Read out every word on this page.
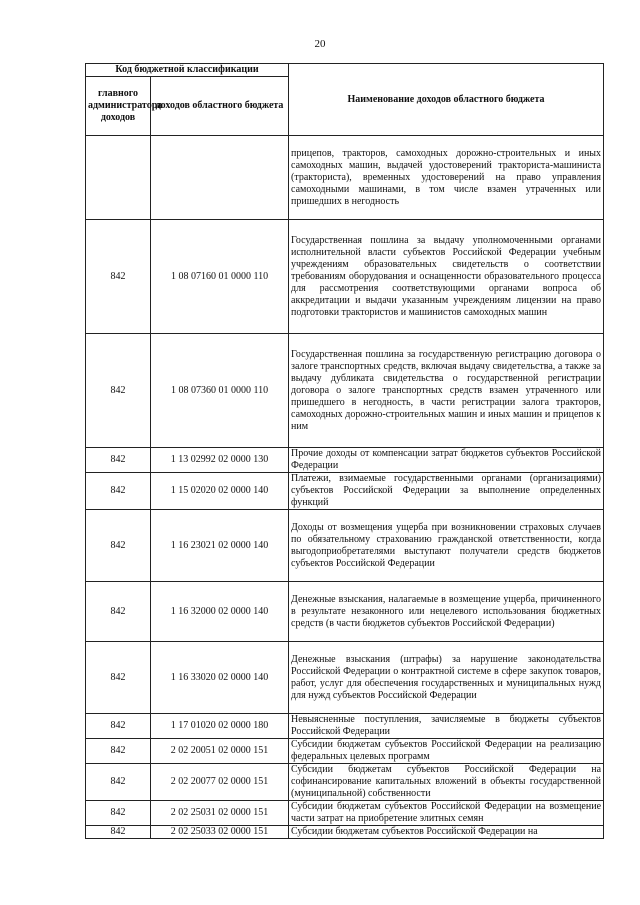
20
Код бюджетной классификации		Наименование доходов областного бюджета
главного администратора доходов	доходов областного бюджета	
		прицепов, тракторов, самоходных дорожно-строительных и иных самоходных машин, выдачей удостоверений тракториста-машиниста (тракториста), временных удостоверений на право управления самоходными машинами, в том числе взамен утраченных или пришедших в негодность
842	1 08 07160 01 0000 110	Государственная пошлина за выдачу уполномоченными органами исполнительной власти субъектов Российской Федерации учебным учреждениям образовательных свидетельств о соответствии требованиям оборудования и оснащенности образовательного процесса для рассмотрения соответствующими органами вопроса об аккредитации и выдачи указанным учреждениям лицензии на право подготовки трактористов и машинистов самоходных машин
842	1 08 07360 01 0000 110	Государственная пошлина за государственную регистрацию договора о залоге транспортных средств, включая выдачу свидетельства, а также за выдачу дубликата свидетельства о государственной регистрации договора о залоге транспортных средств взамен утраченного или пришедшего в негодность, в части регистрации залога тракторов, самоходных дорожно-строительных машин и иных машин и прицепов к ним
842	1 13 02992 02 0000 130	Прочие доходы от компенсации затрат бюджетов субъектов Российской Федерации
842	1 15 02020 02 0000 140	Платежи, взимаемые государственными органами (организациями) субъектов Российской Федерации за выполнение определенных функций
842	1 16 23021 02 0000 140	Доходы от возмещения ущерба при возникновении страховых случаев по обязательному страхованию гражданской ответственности, когда выгодоприобретателями выступают получатели средств бюджетов субъектов Российской Федерации
842	1 16 32000 02 0000 140	Денежные взыскания, налагаемые в возмещение ущерба, причиненного в результате незаконного или нецелевого использования бюджетных средств (в части бюджетов субъектов Российской Федерации)
842	1 16 33020 02 0000 140	Денежные взыскания (штрафы) за нарушение законодательства Российской Федерации о контрактной системе в сфере закупок товаров, работ, услуг для обеспечения государственных и муниципальных нужд для нужд субъектов Российской Федерации
842	1 17 01020 02 0000 180	Невыясненные поступления, зачисляемые в бюджеты субъектов Российской Федерации
842	2 02 20051 02 0000 151	Субсидии бюджетам субъектов Российской Федерации на реализацию федеральных целевых программ
842	2 02 20077 02 0000 151	Субсидии бюджетам субъектов Российской Федерации на софинансирование капитальных вложений в объекты государственной (муниципальной) собственности
842	2 02 25031 02 0000 151	Субсидии бюджетам субъектов Российской Федерации на возмещение части затрат на приобретение элитных семян
842	2 02 25033 02 0000 151	Субсидии бюджетам субъектов Российской Федерации на
